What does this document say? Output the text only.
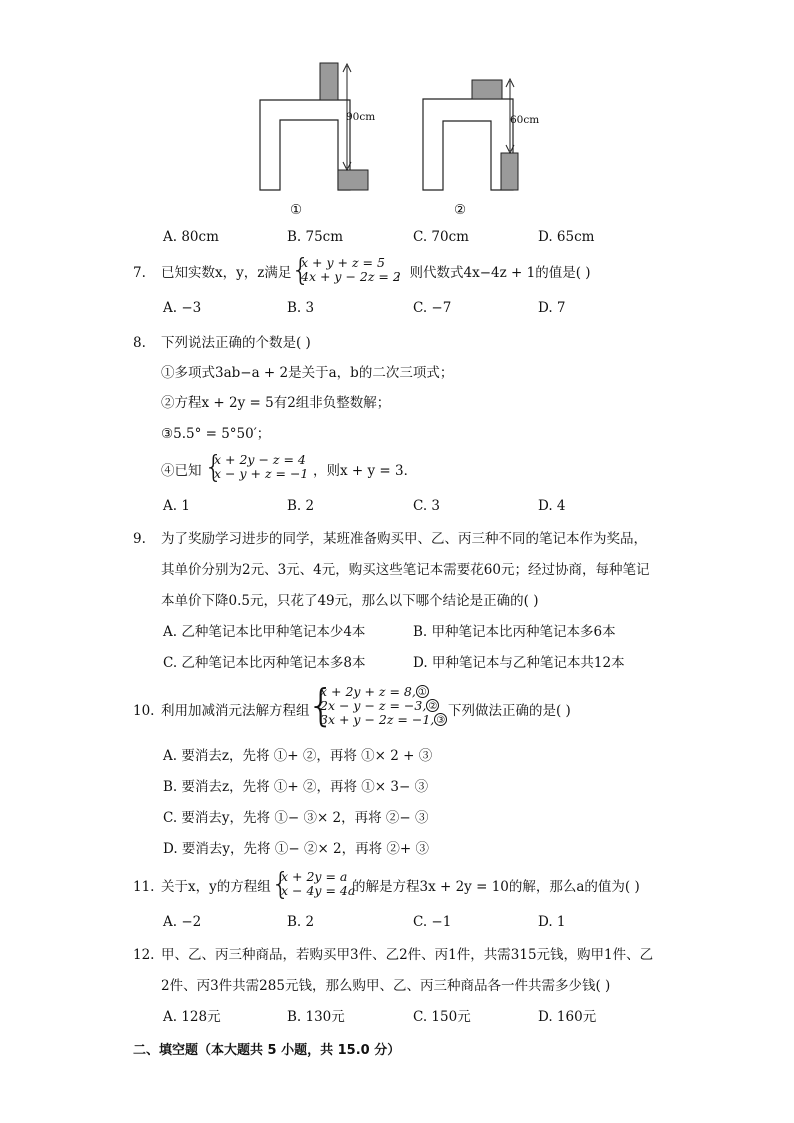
90cm
①
60cm
②
A. 80cm	B. 75cm	C. 70cm	D. 65cm
7. 已知实数x，y，z满足 {
x + y + z = 5
4x + y − 2z = 2
，则代数式4x−4z + 1的值是( )
A. −3	B. 3	C. −7	D. 7
8. 下列说法正确的个数是( )
①多项式3ab−a + 2是关于a，b的二次三项式；
②方程x + 2y = 5有2组非负整数解；
③5.5° = 5°50′；
④已知 {
x + 2y − z = 4
x − y + z = −1 ，则x + y = 3．
A. 1	B. 2	C. 3	D. 4
9. 为了奖励学习进步的同学，某班准备购买甲、乙、丙三种不同的笔记本作为奖品，
其单价分别为2元、3元、4元，购买这些笔记本需要花60元；经过协商，每种笔记
本单价下降0.5元，只花了49元，那么以下哪个结论是正确的( )
A. 乙种笔记本比甲种笔记本少4本	B. 甲种笔记本比丙种笔记本多6本
C. 乙种笔记本比丙种笔记本多8本	D. 甲种笔记本与乙种笔记本共12本
10. 利用加减消元法解方程组
{
x + 2y + z = 8, ①
2x − y − z = −3, ②
3x + y − 2z = −1, ③
下列做法正确的是( )
A. 要消去z，先将 ①+ ②，再将 ①× 2 + ③
B. 要消去z，先将 ①+ ②，再将 ①× 3− ③
C. 要消去y，先将 ①− ③× 2，再将 ②− ③
D. 要消去y，先将 ①− ②× 2，再将 ②+ ③
11. 关于x，y的方程组 {
x + 2y = a
x − 4y = 4a
的解是方程3x + 2y = 10的解，那么a的值为( )
A. −2	B. 2	C. −1	D. 1
12. 甲、乙、丙三种商品，若购买甲3件、乙2件、丙1件，共需315元钱，购甲1件、乙
2件、丙3件共需285元钱，那么购甲、乙、丙三种商品各一件共需多少钱( )
A. 128元	B. 130元	C. 150元	D. 160元
二、填空题（本大题共 5 小题，共 15.0 分）
